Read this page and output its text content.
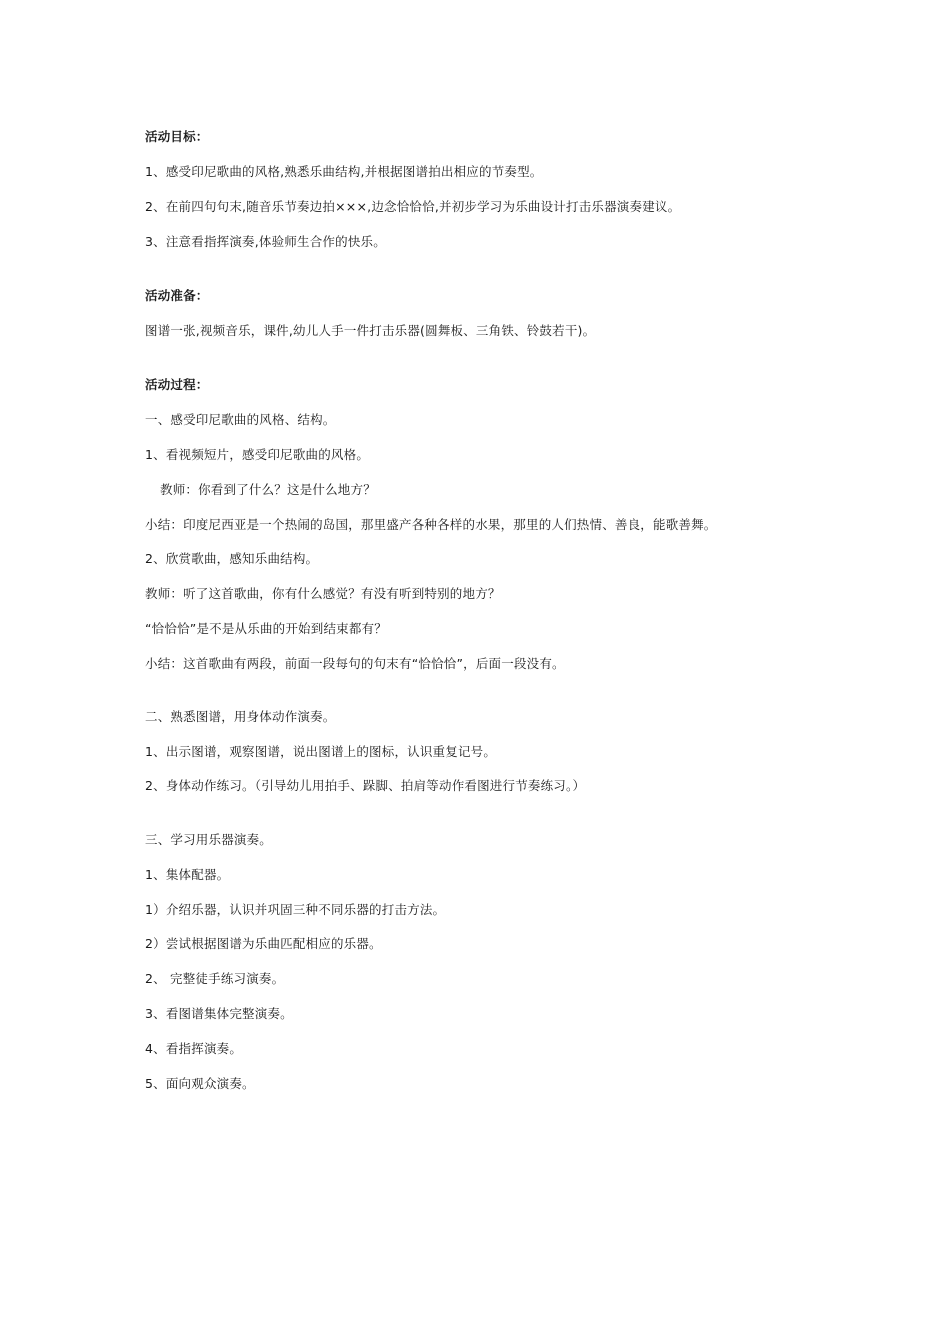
活动目标：
1、感受印尼歌曲的风格,熟悉乐曲结构,并根据图谱拍出相应的节奏型。
2、在前四句句末,随音乐节奏边拍×××,边念恰恰恰,并初步学习为乐曲设计打击乐器演奏建议。
3、注意看指挥演奏,体验师生合作的快乐。
活动准备：
图谱一张,视频音乐，课件,幼儿人手一件打击乐器(圆舞板、三角铁、铃鼓若干)。
活动过程：
一、感受印尼歌曲的风格、结构。
1、看视频短片，感受印尼歌曲的风格。
教师：你看到了什么？这是什么地方？
小结：印度尼西亚是一个热闹的岛国，那里盛产各种各样的水果，那里的人们热情、善良，能歌善舞。
2、欣赏歌曲，感知乐曲结构。
教师：听了这首歌曲，你有什么感觉？有没有听到特别的地方？
“恰恰恰”是不是从乐曲的开始到结束都有？
小结：这首歌曲有两段，前面一段每句的句末有“恰恰恰”，后面一段没有。
二、熟悉图谱，用身体动作演奏。
1、出示图谱，观察图谱，说出图谱上的图标，认识重复记号。
2、身体动作练习。（引导幼儿用拍手、跺脚、拍肩等动作看图进行节奏练习。）
三、学习用乐器演奏。
1、集体配器。
1）介绍乐器，认识并巩固三种不同乐器的打击方法。
2）尝试根据图谱为乐曲匹配相应的乐器。
2、 完整徒手练习演奏。
3、看图谱集体完整演奏。
4、看指挥演奏。
5、面向观众演奏。
